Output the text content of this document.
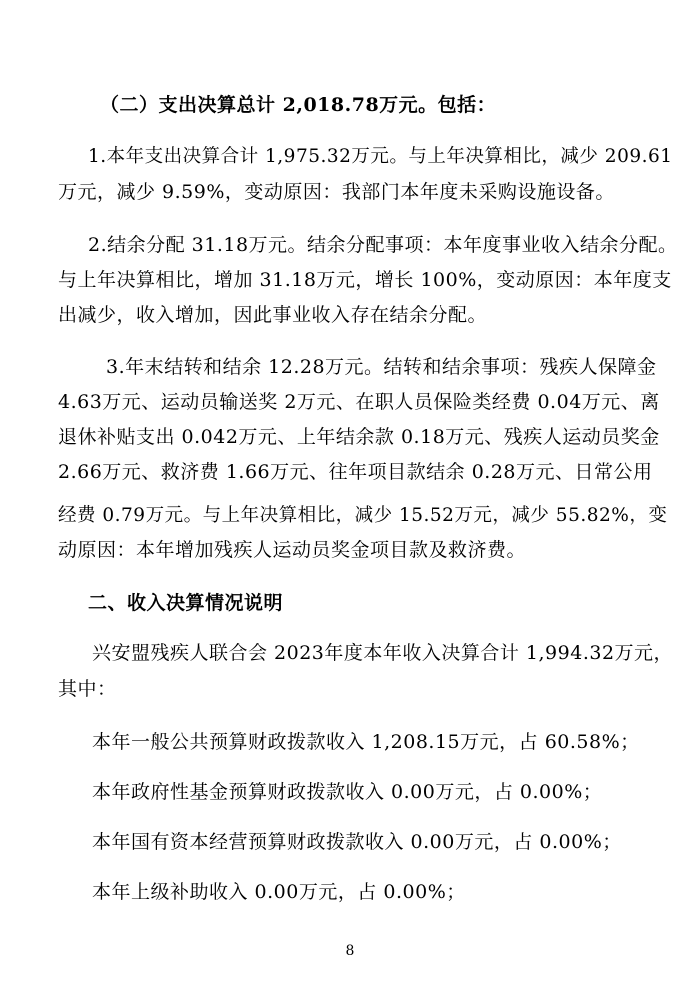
（二）支出决算总计 2,018.78万元。包括：
1.本年支出决算合计 1,975.32万元。与上年决算相比，减少 209.61
万元，减少 9.59%，变动原因：我部门本年度未采购设施设备。
2.结余分配 31.18万元。结余分配事项：本年度事业收入结余分配。
与上年决算相比，增加 31.18万元，增长 100%，变动原因：本年度支
出减少，收入增加，因此事业收入存在结余分配。
3.年末结转和结余 12.28万元。结转和结余事项：残疾人保障金
4.63万元、运动员输送奖 2万元、在职人员保险类经费 0.04万元、离
退休补贴支出 0.042万元、上年结余款 0.18万元、残疾人运动员奖金
2.66万元、救济费 1.66万元、往年项目款结余 0.28万元、日常公用
经费 0.79万元。与上年决算相比，减少 15.52万元，减少 55.82%，变
动原因：本年增加残疾人运动员奖金项目款及救济费。
二、收入决算情况说明
兴安盟残疾人联合会 2023年度本年收入决算合计 1,994.32万元，
其中：
本年一般公共预算财政拨款收入 1,208.15万元，占 60.58%；
本年政府性基金预算财政拨款收入 0.00万元，占 0.00%；
本年国有资本经营预算财政拨款收入 0.00万元，占 0.00%；
本年上级补助收入 0.00万元，占 0.00%；
8
